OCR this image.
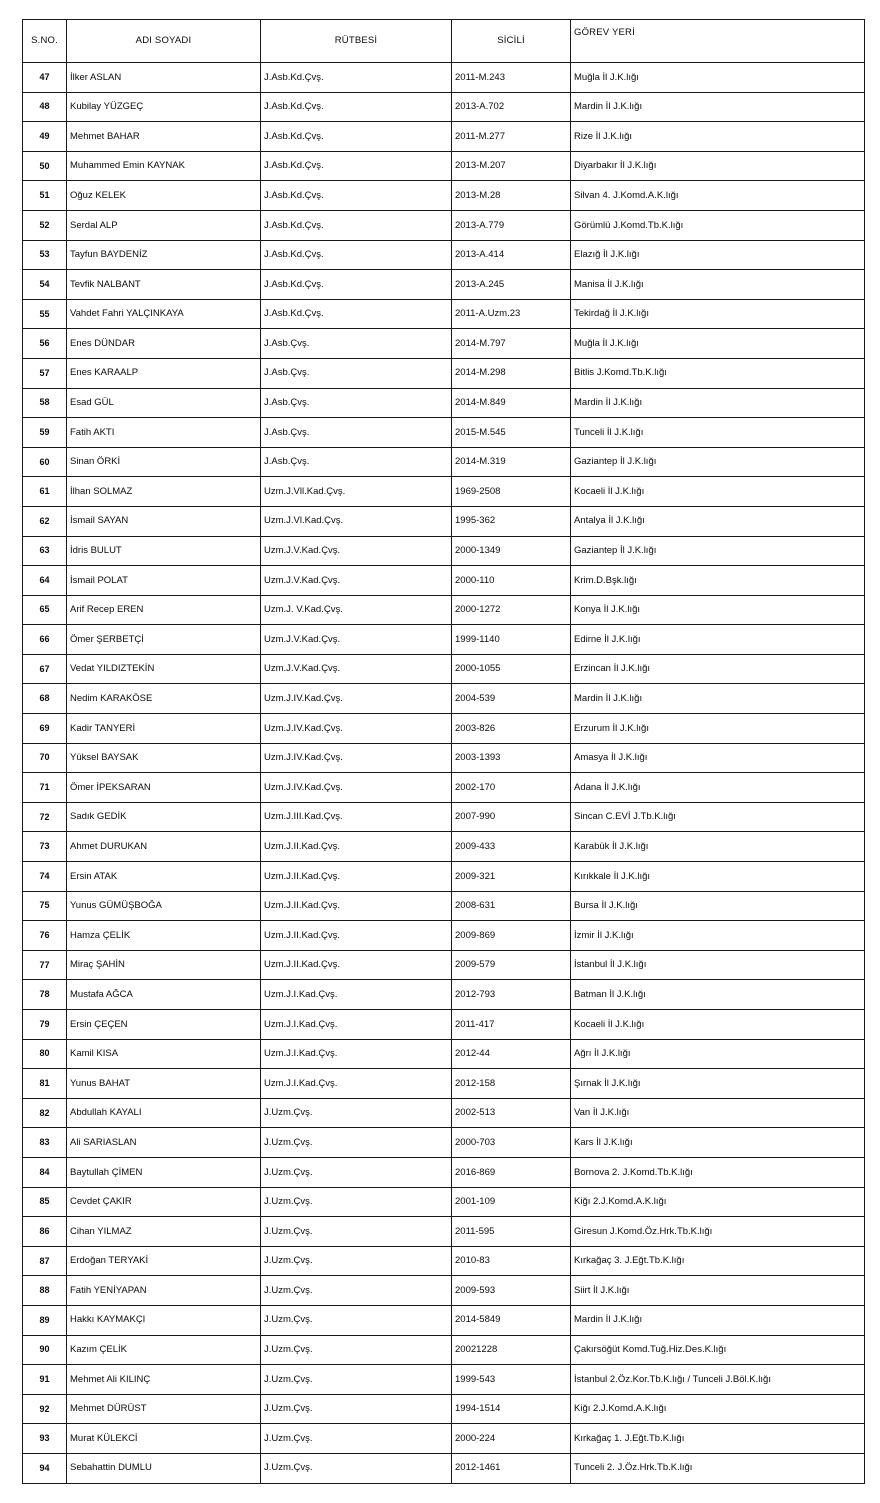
S.NO.	ADI SOYADI	RÜTBESİ	SİCİLİ	GÖREV YERİ
47	İlker ASLAN	J.Asb.Kd.Çvş.	2011-M.243	Muğla İl J.K.lığı
48	Kubilay YÜZGEÇ	J.Asb.Kd.Çvş.	2013-A.702	Mardin İl J.K.lığı
49	Mehmet BAHAR	J.Asb.Kd.Çvş.	2011-M.277	Rize İl J.K.lığı
50	Muhammed Emin KAYNAK	J.Asb.Kd.Çvş.	2013-M.207	Diyarbakır İl J.K.lığı
51	Oğuz KELEK	J.Asb.Kd.Çvş.	2013-M.28	Silvan 4. J.Komd.A.K.lığı
52	Serdal ALP	J.Asb.Kd.Çvş.	2013-A.779	Görümlü J.Komd.Tb.K.lığı
53	Tayfun BAYDENİZ	J.Asb.Kd.Çvş.	2013-A.414	Elazığ İl J.K.lığı
54	Tevfik NALBANT	J.Asb.Kd.Çvş.	2013-A.245	Manisa İl J.K.lığı
55	Vahdet Fahri YALÇINKAYA	J.Asb.Kd.Çvş.	2011-A.Uzm.23	Tekirdağ İl J.K.lığı
56	Enes DÜNDAR	J.Asb.Çvş.	2014-M.797	Muğla İl J.K.lığı
57	Enes KARAALP	J.Asb.Çvş.	2014-M.298	Bitlis J.Komd.Tb.K.lığı
58	Esad GÜL	J.Asb.Çvş.	2014-M.849	Mardin İl J.K.lığı
59	Fatih AKTI	J.Asb.Çvş.	2015-M.545	Tunceli İl J.K.lığı
60	Sinan ÖRKİ	J.Asb.Çvş.	2014-M.319	Gaziantep İl J.K.lığı
61	İlhan SOLMAZ	Uzm.J.Vll.Kad.Çvş.	1969-2508	Kocaeli İl J.K.lığı
62	İsmail SAYAN	Uzm.J.Vl.Kad.Çvş.	1995-362	Antalya İl J.K.lığı
63	İdris BULUT	Uzm.J.V.Kad.Çvş.	2000-1349	Gaziantep İl J.K.lığı
64	İsmail POLAT	Uzm.J.V.Kad.Çvş.	2000-110	Krim.D.Bşk.lığı
65	Arif Recep EREN	Uzm.J. V.Kad.Çvş.	2000-1272	Konya İl J.K.lığı
66	Ömer ŞERBETÇİ	Uzm.J.V.Kad.Çvş.	1999-1140	Edirne İl J.K.lığı
67	Vedat YILDIZTEKİN	Uzm.J.V.Kad.Çvş.	2000-1055	Erzincan İl J.K.lığı
68	Nedim KARAKÖSE	Uzm.J.IV.Kad.Çvş.	2004-539	Mardin İl J.K.lığı
69	Kadir TANYERİ	Uzm.J.IV.Kad.Çvş.	2003-826	Erzurum İl J.K.lığı
70	Yüksel BAYSAK	Uzm.J.IV.Kad.Çvş.	2003-1393	Amasya İl J.K.lığı
71	Ömer İPEKSARAN	Uzm.J.IV.Kad.Çvş.	2002-170	Adana İl J.K.lığı
72	Sadık GEDİK	Uzm.J.III.Kad.Çvş.	2007-990	Sincan C.EVİ J.Tb.K.lığı
73	Ahmet DURUKAN	Uzm.J.II.Kad.Çvş.	2009-433	Karabük İl J.K.lığı
74	Ersin ATAK	Uzm.J.II.Kad.Çvş.	2009-321	Kırıkkale İl J.K.lığı
75	Yunus GÜMÜŞBOĞA	Uzm.J.II.Kad.Çvş.	2008-631	Bursa İl J.K.lığı
76	Hamza ÇELİK	Uzm.J.II.Kad.Çvş.	2009-869	İzmir İl J.K.lığı
77	Miraç ŞAHİN	Uzm.J.II.Kad.Çvş.	2009-579	İstanbul İl J.K.lığı
78	Mustafa AĞCA	Uzm.J.I.Kad.Çvş.	2012-793	Batman İl J.K.lığı
79	Ersin ÇEÇEN	Uzm.J.I.Kad.Çvş.	2011-417	Kocaeli İl J.K.lığı
80	Kamil KISA	Uzm.J.I.Kad.Çvş.	2012-44	Ağrı İl J.K.lığı
81	Yunus BAHAT	Uzm.J.I.Kad.Çvş.	2012-158	Şırnak İl J.K.lığı
82	Abdullah KAYALI	J.Uzm.Çvş.	2002-513	Van İl J.K.lığı
83	Ali SARIASLAN	J.Uzm.Çvş.	2000-703	Kars İl J.K.lığı
84	Baytullah ÇİMEN	J.Uzm.Çvş.	2016-869	Bornova 2. J.Komd.Tb.K.lığı
85	Cevdet ÇAKIR	J.Uzm.Çvş.	2001-109	Kiğı 2.J.Komd.A.K.lığı
86	Cihan YILMAZ	J.Uzm.Çvş.	2011-595	Giresun J.Komd.Öz.Hrk.Tb.K.lığı
87	Erdoğan TERYAKİ	J.Uzm.Çvş.	2010-83	Kırkağaç 3. J.Eğt.Tb.K.lığı
88	Fatih YENİYAPAN	J.Uzm.Çvş.	2009-593	Siirt İl J.K.lığı
89	Hakkı KAYMAKÇI	J.Uzm.Çvş.	2014-5849	Mardin İl J.K.lığı
90	Kazım ÇELİK	J.Uzm.Çvş.	20021228	Çakırsöğüt Komd.Tuğ.Hiz.Des.K.lığı
91	Mehmet Ali KILINÇ	J.Uzm.Çvş.	1999-543	İstanbul 2.Öz.Kor.Tb.K.lığı / Tunceli J.Böl.K.lığı
92	Mehmet DÜRÜST	J.Uzm.Çvş.	1994-1514	Kiğı 2.J.Komd.A.K.lığı
93	Murat KÜLEKCİ	J.Uzm.Çvş.	2000-224	Kırkağaç 1. J.Eğt.Tb.K.lığı
94	Sebahattin DUMLU	J.Uzm.Çvş.	2012-1461	Tunceli 2. J.Öz.Hrk.Tb.K.lığı
